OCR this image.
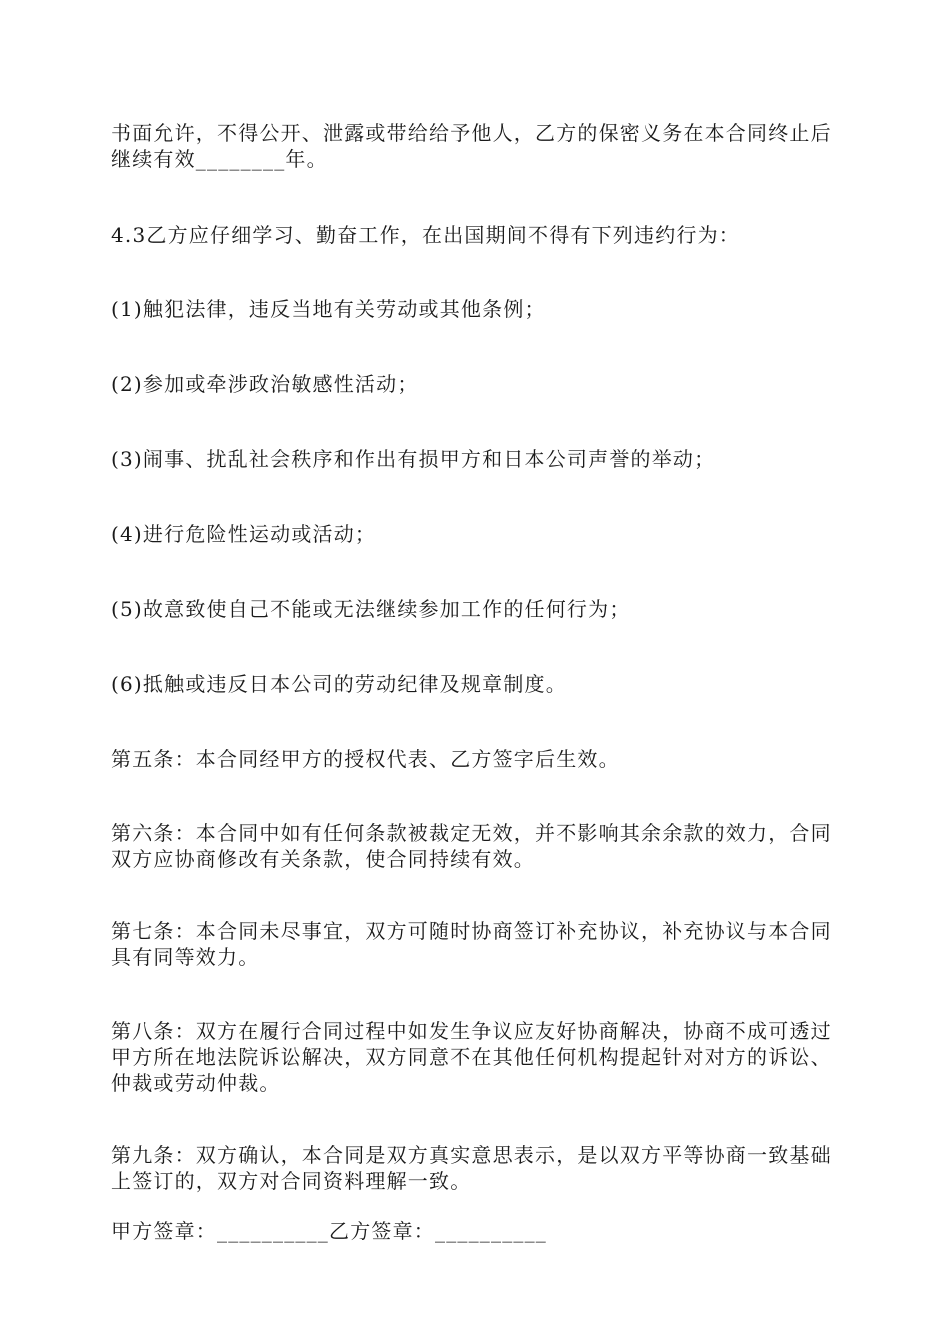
书面允许，不得公开、泄露或带给给予他人，乙方的保密义务在本合同终止后继续有效________年。

4.3乙方应仔细学习、勤奋工作，在出国期间不得有下列违约行为：

(1)触犯法律，违反当地有关劳动或其他条例；

(2)参加或牵涉政治敏感性活动；

(3)闹事、扰乱社会秩序和作出有损甲方和日本公司声誉的举动；

(4)进行危险性运动或活动；

(5)故意致使自己不能或无法继续参加工作的任何行为；

(6)抵触或违反日本公司的劳动纪律及规章制度。

第五条：本合同经甲方的授权代表、乙方签字后生效。

第六条：本合同中如有任何条款被裁定无效，并不影响其余余款的效力，合同双方应协商修改有关条款，使合同持续有效。

第七条：本合同未尽事宜，双方可随时协商签订补充协议，补充协议与本合同具有同等效力。

第八条：双方在履行合同过程中如发生争议应友好协商解决，协商不成可透过甲方所在地法院诉讼解决，双方同意不在其他任何机构提起针对对方的诉讼、仲裁或劳动仲裁。

第九条：双方确认，本合同是双方真实意思表示，是以双方平等协商一致基础上签订的，双方对合同资料理解一致。

甲方签章：__________乙方签章：__________
